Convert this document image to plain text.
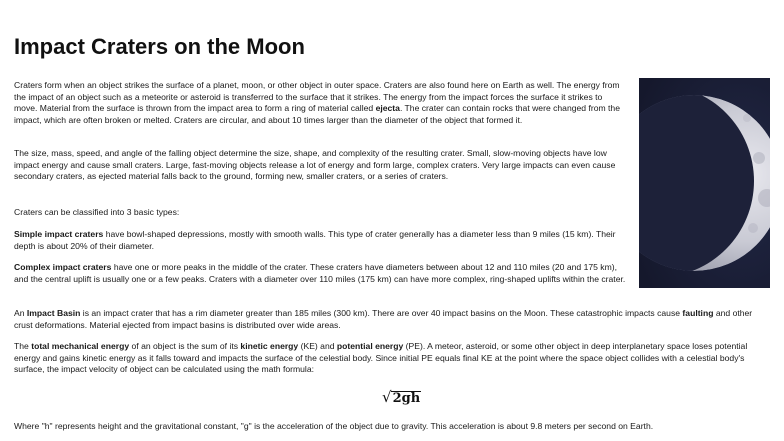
Impact Craters on the Moon

Craters form when an object strikes the surface of a planet, moon, or other object in outer space. Craters are also found here on Earth as well. The energy from the impact of an object such as a meteorite or asteroid is transferred to the surface that it strikes. The energy from the impact forces the surface it strikes to move. Material from the surface is thrown from the impact area to form a ring of material called ejecta. The crater can contain rocks that were changed from the impact, which are often broken or melted. Craters are circular, and about 10 times larger than the diameter of the object that formed it.

The size, mass, speed, and angle of the falling object determine the size, shape, and complexity of the resulting crater. Small, slow-moving objects have low impact energy and cause small craters. Large, fast-moving objects release a lot of energy and form large, complex craters. Very large impacts can even cause secondary craters, as ejected material falls back to the ground, forming new, smaller craters, or a series of craters.

Craters can be classified into 3 basic types:

Simple impact craters have bowl-shaped depressions, mostly with smooth walls. This type of crater generally has a diameter less than 9 miles (15 km). Their depth is about 20% of their diameter.

Complex impact craters have one or more peaks in the middle of the crater. These craters have diameters between about 12 and 110 miles (20 and 175 km), and the central uplift is usually one or a few peaks. Craters with a diameter over 110 miles (175 km) can have more complex, ring-shaped uplifts within the crater.

An Impact Basin is an impact crater that has a rim diameter greater than 185 miles (300 km). There are over 40 impact basins on the Moon. These catastrophic impacts cause faulting and other crust deformations. Material ejected from impact basins is distributed over wide areas.

The total mechanical energy of an object is the sum of its kinetic energy (KE) and potential energy (PE). A meteor, asteroid, or some other object in deep interplanetary space loses potential energy and gains kinetic energy as it falls toward and impacts the surface of the celestial body. Since initial PE equals final KE at the point where the space object collides with a celestial body's surface, the impact velocity of object can be calculated using the math formula:

√2gh

Where "h" represents height and the gravitational constant, "g" is the acceleration of the object due to gravity. This acceleration is about 9.8 meters per second on Earth.
